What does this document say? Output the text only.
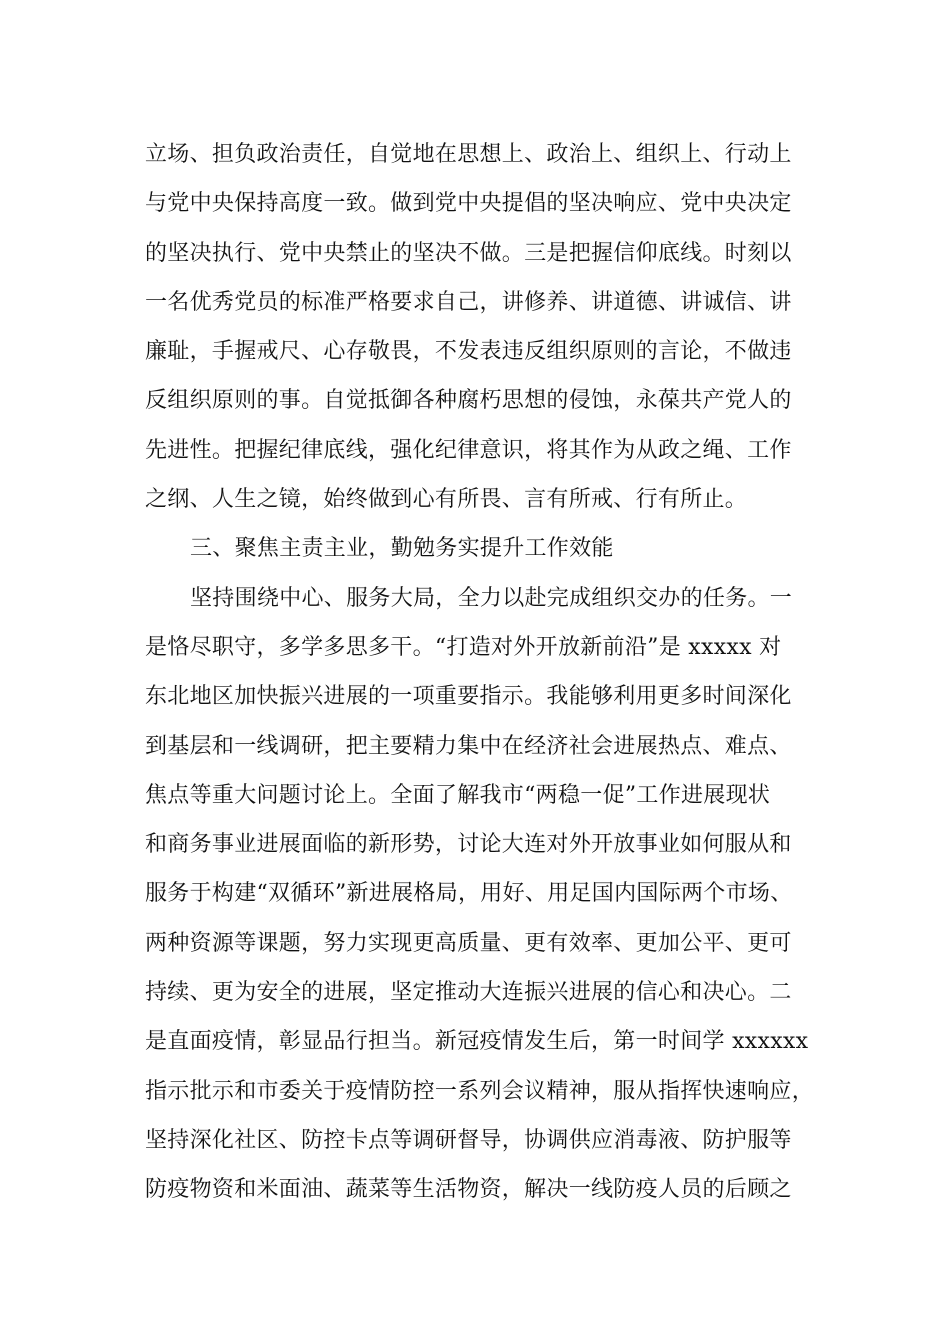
立场、担负政治责任，自觉地在思想上、政治上、组织上、行动上
与党中央保持高度一致。做到党中央提倡的坚决响应、党中央决定
的坚决执行、党中央禁止的坚决不做。三是把握信仰底线。时刻以
一名优秀党员的标准严格要求自己，讲修养、讲道德、讲诚信、讲
廉耻，手握戒尺、心存敬畏，不发表违反组织原则的言论，不做违
反组织原则的事。自觉抵御各种腐朽思想的侵蚀，永葆共产党人的
先进性。把握纪律底线，强化纪律意识，将其作为从政之绳、工作
之纲、人生之镜，始终做到心有所畏、言有所戒、行有所止。
三、聚焦主责主业，勤勉务实提升工作效能
坚持围绕中心、服务大局，全力以赴完成组织交办的任务。一
是恪尽职守，多学多思多干。“打造对外开放新前沿”是 xxxxx 对
东北地区加快振兴进展的一项重要指示。我能够利用更多时间深化
到基层和一线调研，把主要精力集中在经济社会进展热点、难点、
焦点等重大问题讨论上。全面了解我市“两稳一促”工作进展现状
和商务事业进展面临的新形势，讨论大连对外开放事业如何服从和
服务于构建“双循环”新进展格局，用好、用足国内国际两个市场、
两种资源等课题，努力实现更高质量、更有效率、更加公平、更可
持续、更为安全的进展，坚定推动大连振兴进展的信心和决心。二
是直面疫情，彰显品行担当。新冠疫情发生后，第一时间学 xxxxxx
指示批示和市委关于疫情防控一系列会议精神，服从指挥快速响应，
坚持深化社区、防控卡点等调研督导，协调供应消毒液、防护服等
防疫物资和米面油、蔬菜等生活物资，解决一线防疫人员的后顾之
